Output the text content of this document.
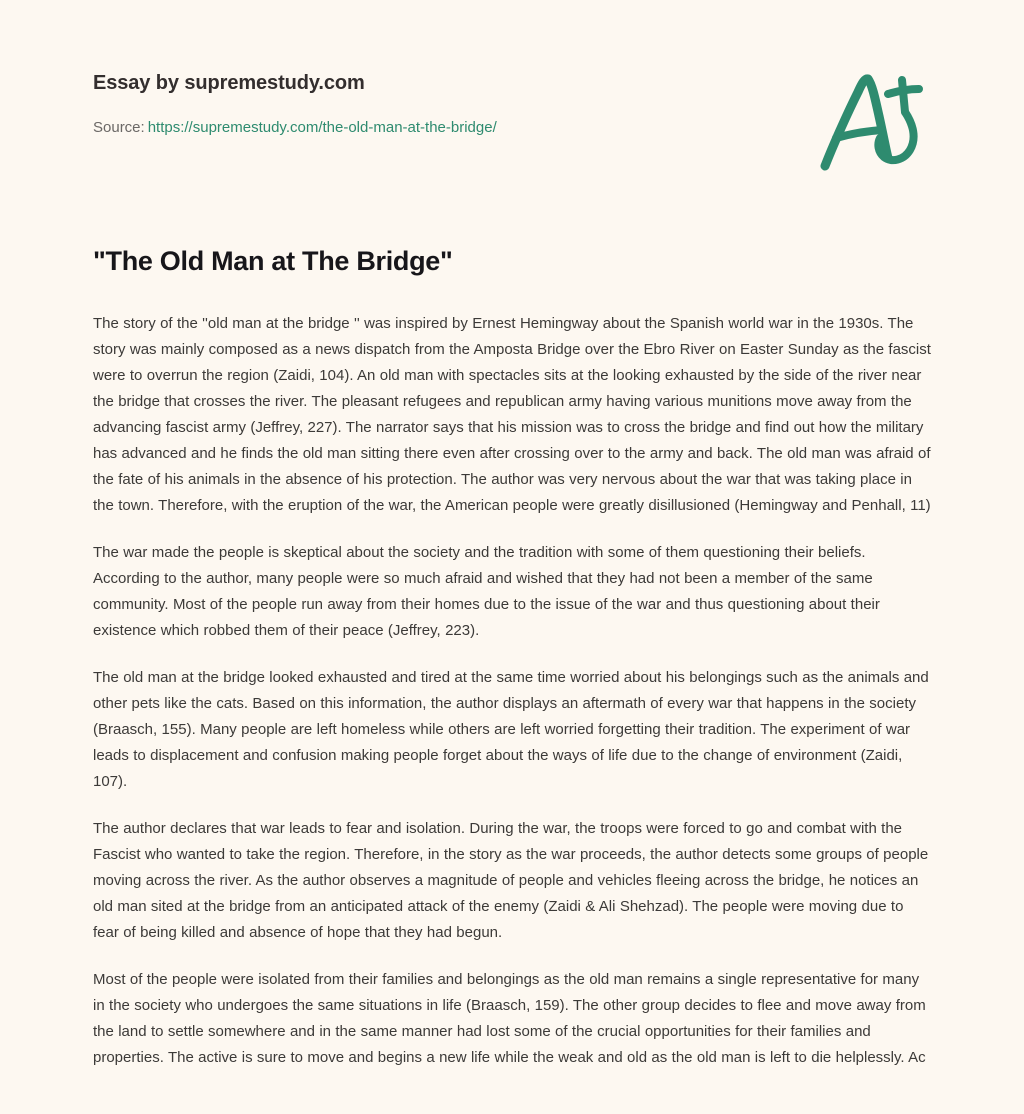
Essay by supremestudy.com
Source: https://supremestudy.com/the-old-man-at-the-bridge/
"The Old Man at The Bridge"

The story of the ''old man at the bridge '' was inspired by Ernest Hemingway about the Spanish world war in the 1930s. The story was mainly composed as a news dispatch from the Amposta Bridge over the Ebro River on Easter Sunday as the fascist were to overrun the region (Zaidi, 104). An old man with spectacles sits at the looking exhausted by the side of the river near the bridge that crosses the river. The pleasant refugees and republican army having various munitions move away from the advancing fascist army (Jeffrey, 227). The narrator says that his mission was to cross the bridge and find out how the military has advanced and he finds the old man sitting there even after crossing over to the army and back. The old man was afraid of the fate of his animals in the absence of his protection. The author was very nervous about the war that was taking place in the town. Therefore, with the eruption of the war, the American people were greatly disillusioned (Hemingway and Penhall, 11)

The war made the people is skeptical about the society and the tradition with some of them questioning their beliefs. According to the author, many people were so much afraid and wished that they had not been a member of the same community. Most of the people run away from their homes due to the issue of the war and thus questioning about their existence which robbed them of their peace (Jeffrey, 223).

The old man at the bridge looked exhausted and tired at the same time worried about his belongings such as the animals and other pets like the cats. Based on this information, the author displays an aftermath of every war that happens in the society (Braasch, 155). Many people are left homeless while others are left worried forgetting their tradition. The experiment of war leads to displacement and confusion making people forget about the ways of life due to the change of environment (Zaidi, 107).

The author declares that war leads to fear and isolation. During the war, the troops were forced to go and combat with the Fascist who wanted to take the region. Therefore, in the story as the war proceeds, the author detects some groups of people moving across the river. As the author observes a magnitude of people and vehicles fleeing across the bridge, he notices an old man sited at the bridge from an anticipated attack of the enemy (Zaidi & Ali Shehzad). The people were moving due to fear of being killed and absence of hope that they had begun.

Most of the people were isolated from their families and belongings as the old man remains a single representative for many in the society who undergoes the same situations in life (Braasch, 159). The other group decides to flee and move away from the land to settle somewhere and in the same manner had lost some of the crucial opportunities for their families and properties. The active is sure to move and begins a new life while the weak and old as the old man is left to die helplessly. Ac
